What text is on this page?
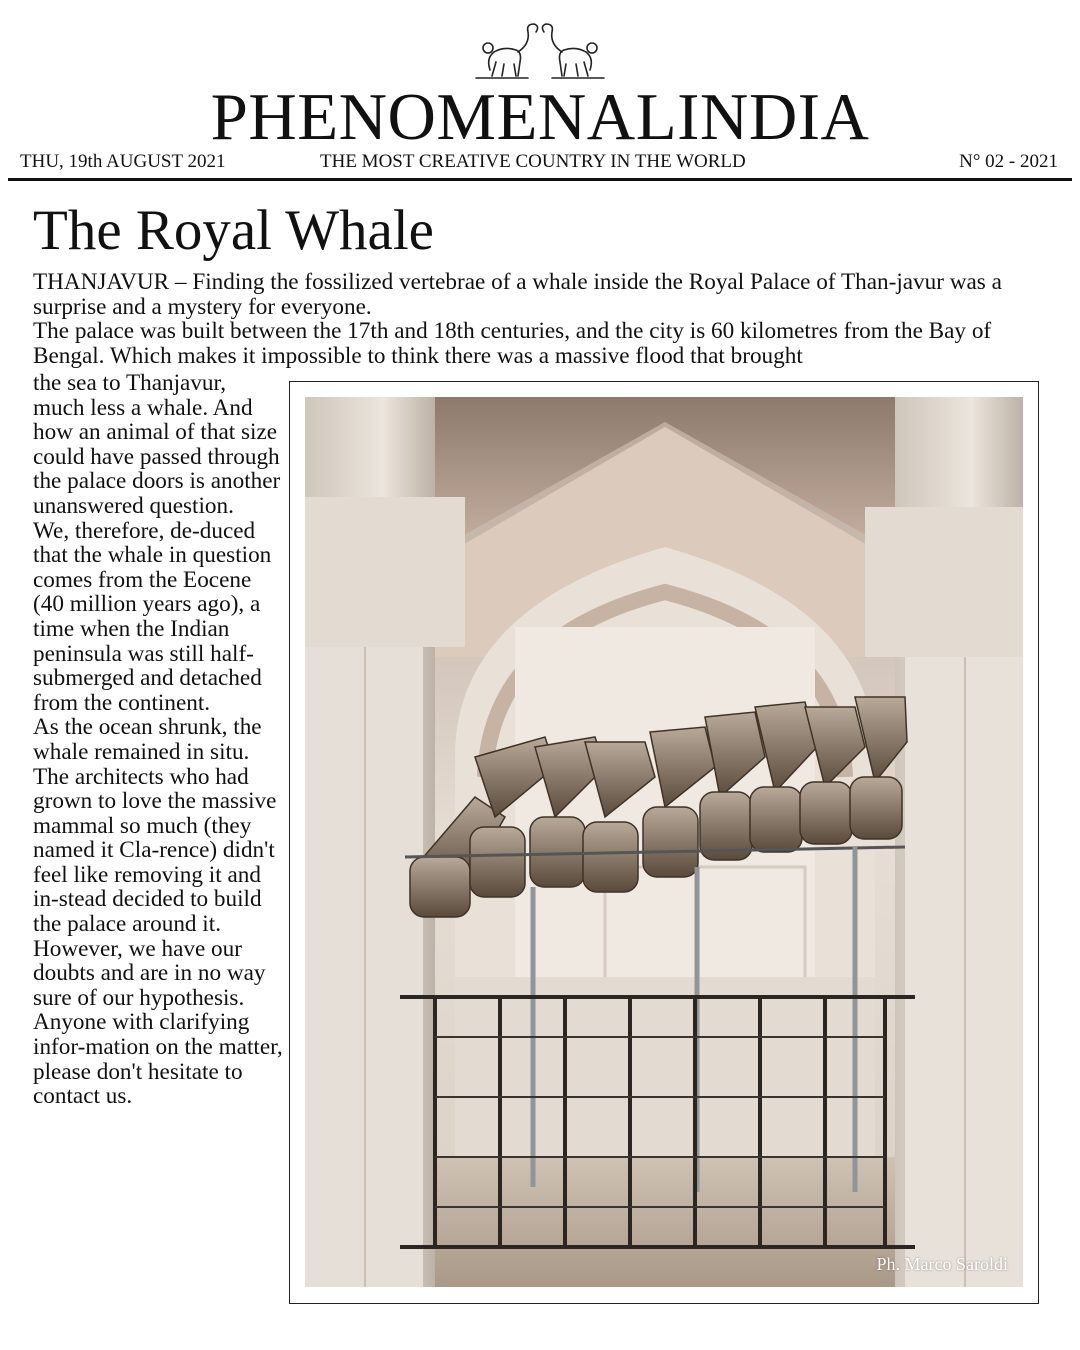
PHENOMENALINDIA
THU, 19th AUGUST 2021	THE MOST CREATIVE COUNTRY IN THE WORLD	N° 02 - 2021
The Royal Whale

THANJAVUR – Finding the fossilized vertebrae of a whale inside the Royal Palace of Than-javur was a surprise and a mystery for everyone.

The palace was built between the 17th and 18th centuries, and the city is 60 kilometres from the Bay of Bengal. Which makes it impossible to think there was a massive flood that brought

the sea to Thanjavur, much less a whale. And how an animal of that size could have passed through the palace doors is another unanswered question.

We, therefore, de-duced that the whale in question comes from the Eocene (40 million years ago), a time when the Indian peninsula was still half-submerged and detached from the continent.

As the ocean shrunk, the whale remained in situ. The architects who had grown to love the massive mammal so much (they named it Cla-rence) didn't feel like removing it and in-stead decided to build the palace around it. However, we have our doubts and are in no way sure of our hypothesis. Anyone with clarifying infor-mation on the matter, please don't hesitate to contact us.

Ph. Marco Saroldi
